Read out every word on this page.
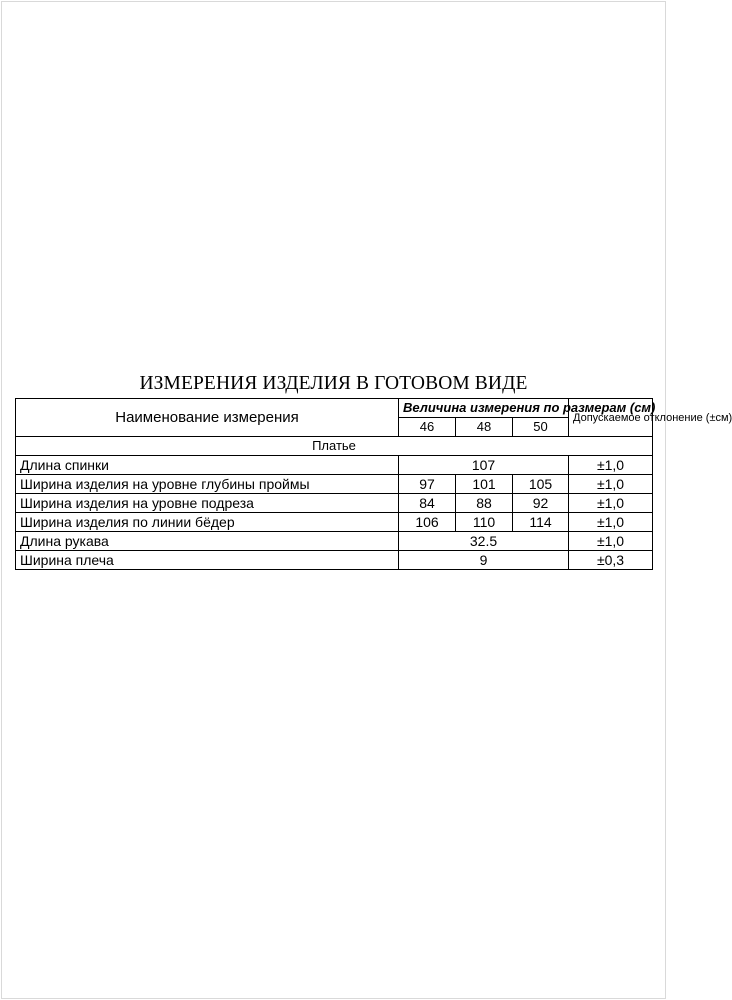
ИЗМЕРЕНИЯ ИЗДЕЛИЯ В ГОТОВОМ ВИДЕ
Наименование измерения	Величина измерения по размерам (см)			Допускаемое отклонение (±см)
	46	48	50	
Платье				
Длина спинки	107			±1,0
Ширина изделия на уровне глубины проймы	97	101	105	±1,0
Ширина изделия на уровне подреза	84	88	92	±1,0
Ширина изделия по линии бёдер	106	110	114	±1,0
Длина рукава	32.5			±1,0
Ширина плеча	9			±0,3
